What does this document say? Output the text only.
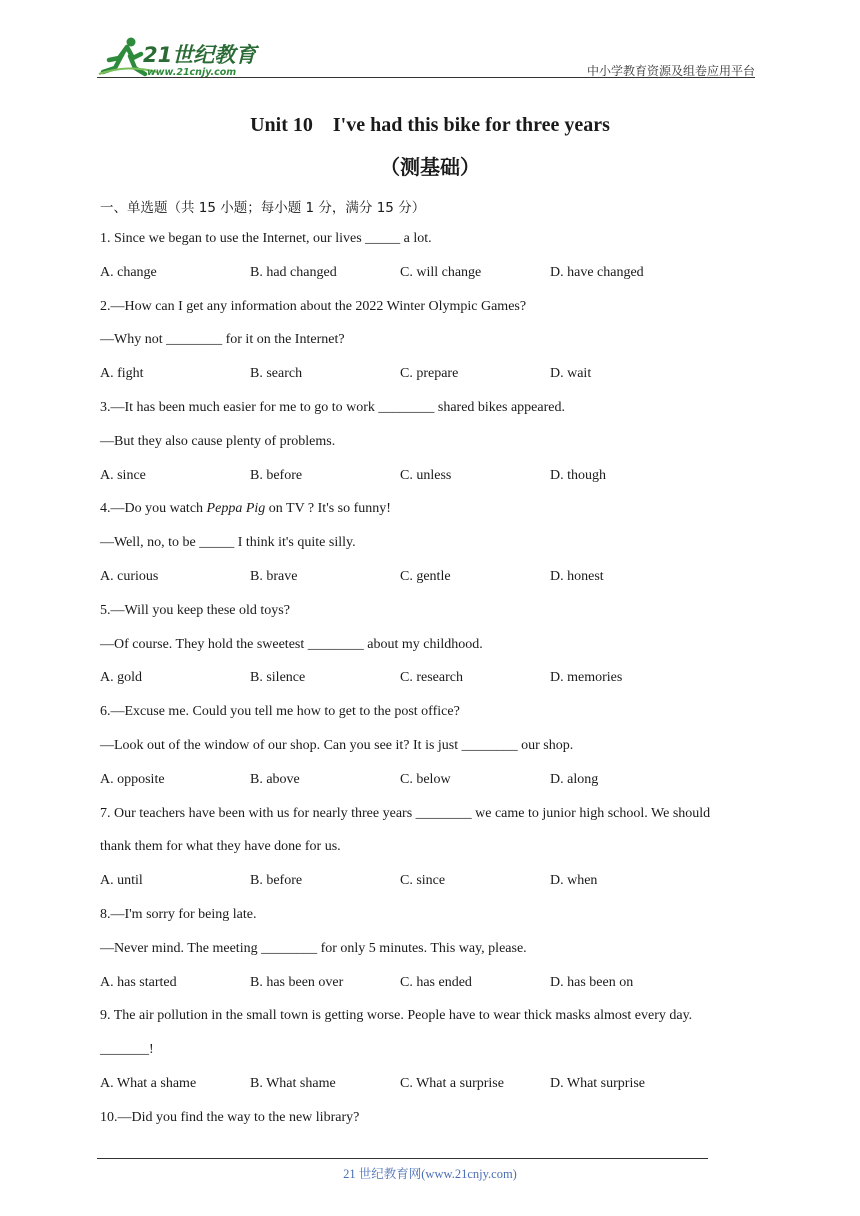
21世纪教育
www.21cnjy.com	中小学教育资源及组卷应用平台
Unit 10　I've had this bike for three years
（测基础）
一、单选题（共 15 小题；每小题 1 分，满分 15 分）
1. Since we began to use the Internet, our lives _____ a lot.
A. change	B. had changed	C. will change	D. have changed
2.—How can I get any information about the 2022 Winter Olympic Games?
—Why not ________ for it on the Internet?
A. fight	B. search	C. prepare	D. wait
3.—It has been much easier for me to go to work ________ shared bikes appeared.
—But they also cause plenty of problems.
A. since	B. before	C. unless	D. though
4.—Do you watch Peppa Pig on TV ? It's so funny!
—Well, no, to be _____ I think it's quite silly.
A. curious	B. brave	C. gentle	D. honest
5.—Will you keep these old toys?
—Of course. They hold the sweetest ________ about my childhood.
A. gold	B. silence	C. research	D. memories
6.—Excuse me. Could you tell me how to get to the post office?
—Look out of the window of our shop. Can you see it? It is just ________ our shop.
A. opposite	B. above	C. below	D. along
7. Our teachers have been with us for nearly three years ________ we came to junior high school. We should
thank them for what they have done for us.
A. until	B. before	C. since	D. when
8.—I'm sorry for being late.
—Never mind. The meeting ________ for only 5 minutes. This way, please.
A. has started	B. has been over	C. has ended	D. has been on
9. The air pollution in the small town is getting worse. People have to wear thick masks almost every day.
_______!
A. What a shame	B. What shame	C. What a surprise	D. What surprise
10.—Did you find the way to the new library?
21 世纪教育网(www.21cnjy.com)
